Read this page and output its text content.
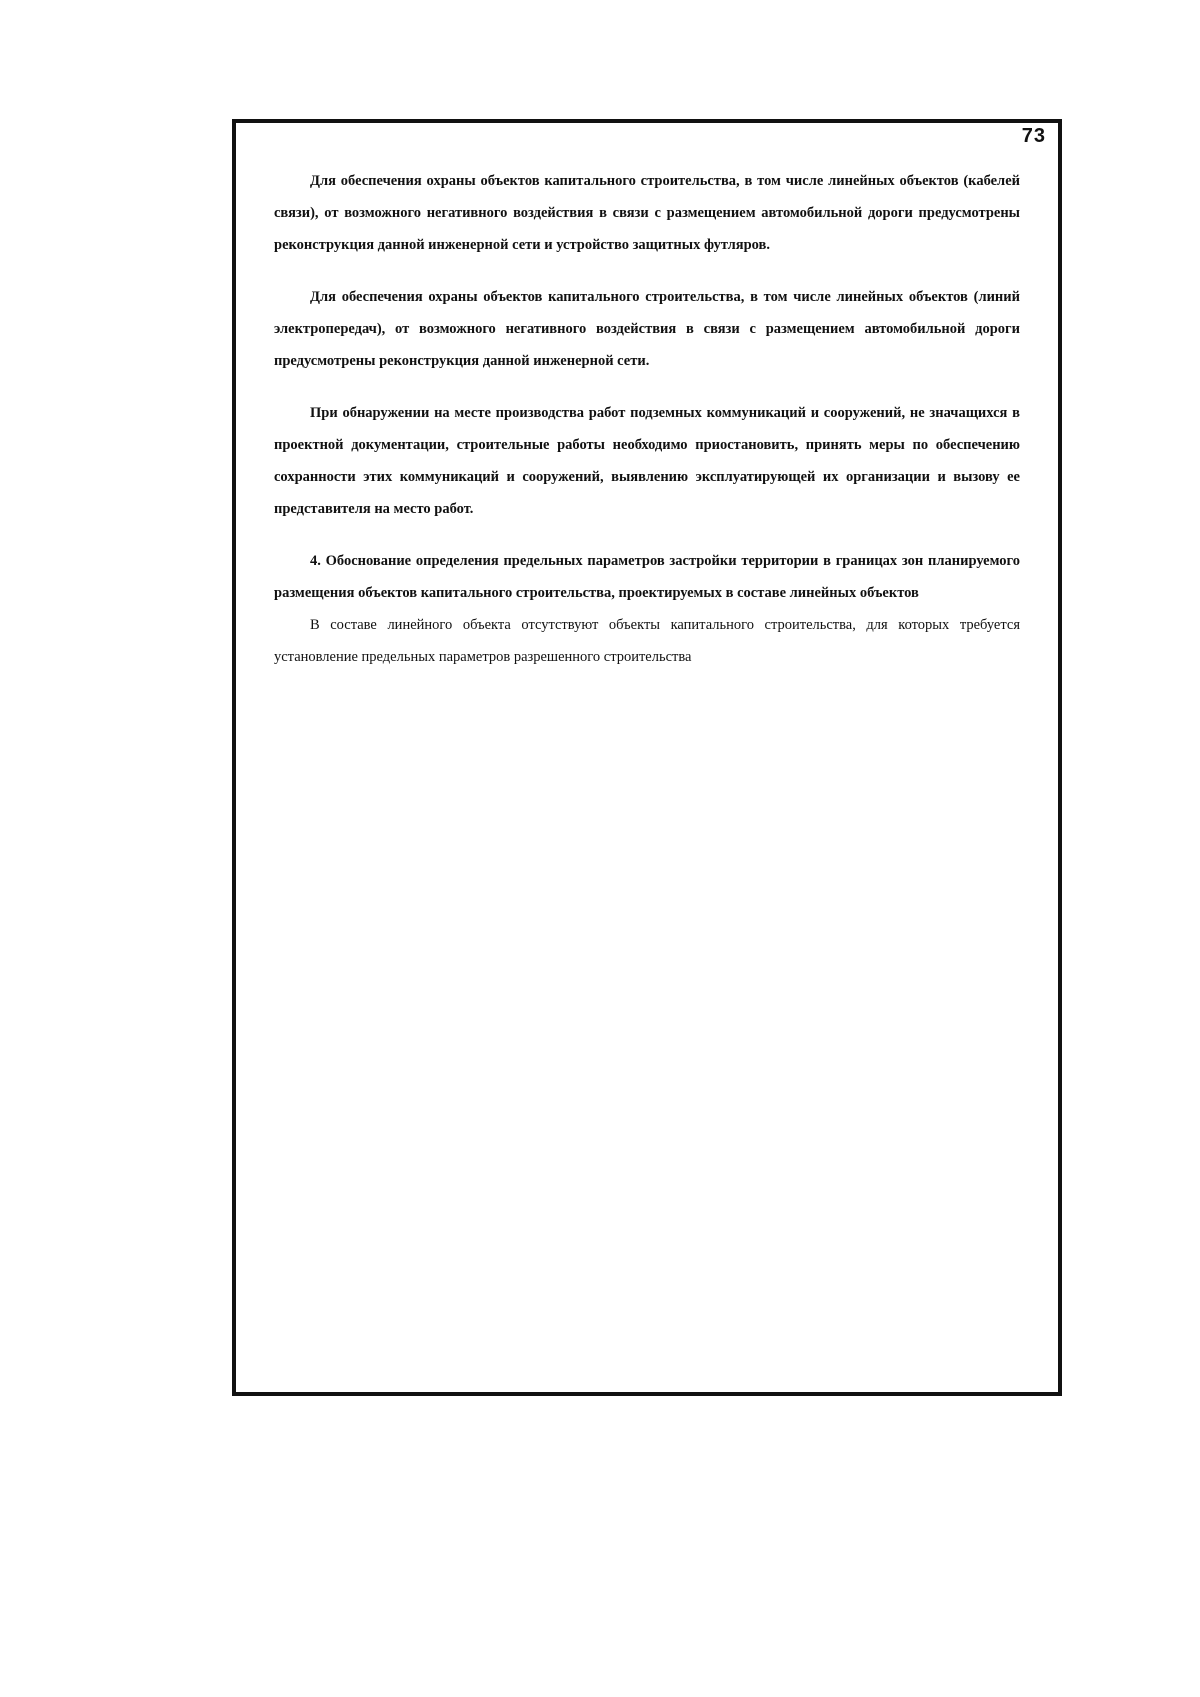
73

Для обеспечения охраны объектов капитального строительства, в том числе линейных объектов (кабелей связи), от возможного негативного воздействия в связи с размещением автомобильной дороги предусмотрены реконструкция данной инженерной сети и устройство защитных футляров.

Для обеспечения охраны объектов капитального строительства, в том числе линейных объектов (линий электропередач), от возможного негативного воздействия в связи с размещением автомобильной дороги предусмотрены реконструкция данной инженерной сети.

При обнаружении на месте производства работ подземных коммуникаций и сооружений, не значащихся в проектной документации, строительные работы необходимо приостановить, принять меры по обеспечению сохранности этих коммуникаций и сооружений, выявлению эксплуатирующей их организации и вызову ее представителя на место работ.

4. Обоснование определения предельных параметров застройки территории в границах зон планируемого размещения объектов капитального строительства, проектируемых в составе линейных объектов

В составе линейного объекта отсутствуют объекты капитального строительства, для которых требуется установление предельных параметров разрешенного строительства
